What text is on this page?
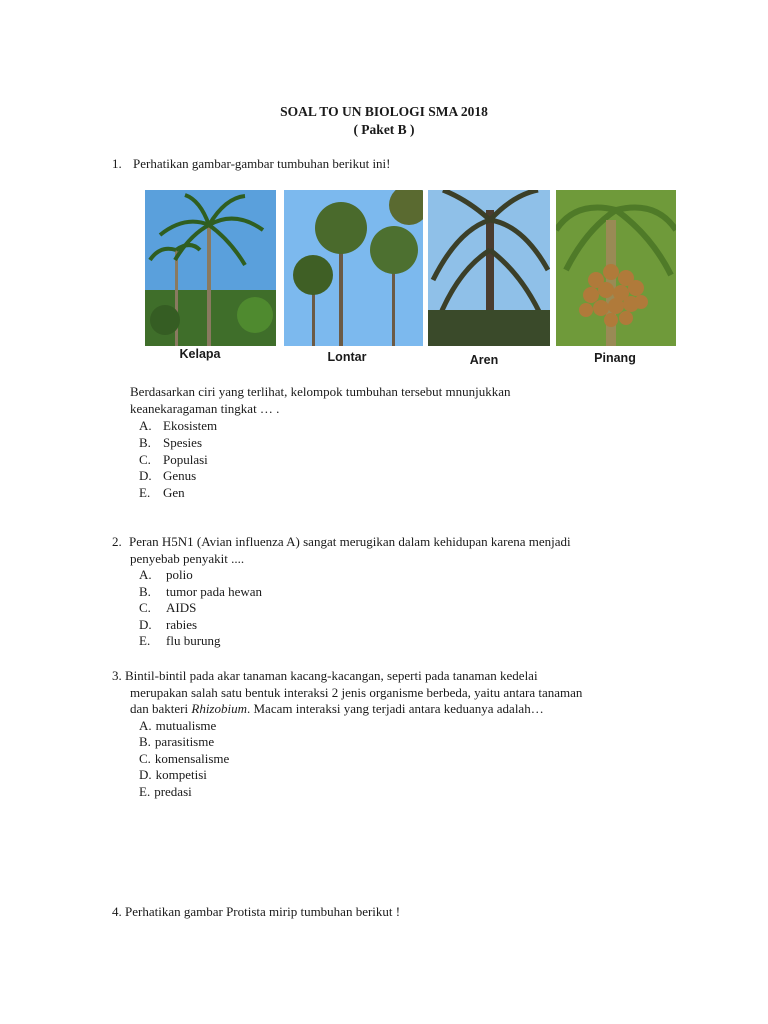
SOAL TO UN BIOLOGI SMA 2018
( Paket B )
1. Perhatikan gambar-gambar tumbuhan berikut ini!
Kelapa	Lontar	Aren	Pinang
Berdasarkan ciri yang terlihat, kelompok tumbuhan tersebut mnunjukkan
keanekaragaman tingkat … .
A. Ekosistem
B. Spesies
C. Populasi
D. Genus
E. Gen
2. Peran H5N1 (Avian influenza A) sangat merugikan dalam kehidupan karena menjadi
penyebab penyakit ....
A. polio
B. tumor pada hewan
C. AIDS
D. rabies
E. flu burung
3. Bintil-bintil pada akar tanaman kacang-kacangan, seperti pada tanaman kedelai
merupakan salah satu bentuk interaksi 2 jenis organisme berbeda, yaitu antara tanaman
dan bakteri Rhizobium. Macam interaksi yang terjadi antara keduanya adalah…
A. mutualisme
B. parasitisme
C. komensalisme
D. kompetisi
E. predasi
4. Perhatikan gambar Protista mirip tumbuhan berikut !
